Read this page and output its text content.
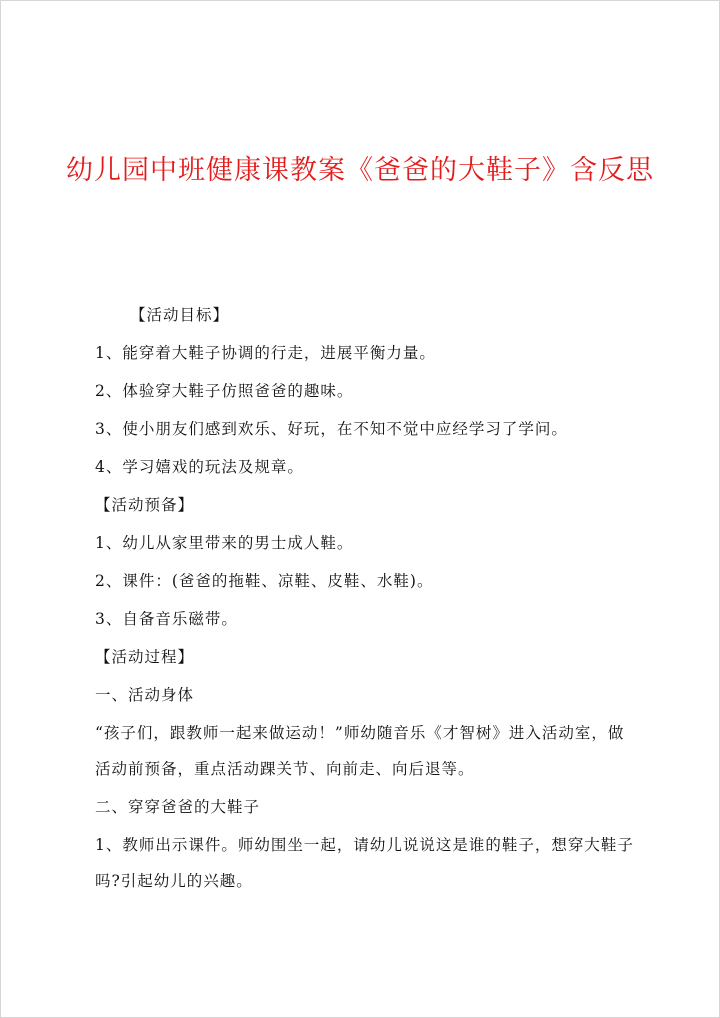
幼儿园中班健康课教案《爸爸的大鞋子》含反思
【活动目标】
1、能穿着大鞋子协调的行走，进展平衡力量。
2、体验穿大鞋子仿照爸爸的趣味。
3、使小朋友们感到欢乐、好玩，在不知不觉中应经学习了学问。
4、学习嬉戏的玩法及规章。
【活动预备】
1、幼儿从家里带来的男士成人鞋。
2、课件：(爸爸的拖鞋、凉鞋、皮鞋、水鞋)。
3、自备音乐磁带。
【活动过程】
一、活动身体
“孩子们，跟教师一起来做运动！”师幼随音乐《才智树》进入活动室，做活动前预备，重点活动踝关节、向前走、向后退等。
二、穿穿爸爸的大鞋子
1、教师出示课件。师幼围坐一起，请幼儿说说这是谁的鞋子，想穿大鞋子吗?引起幼儿的兴趣。
